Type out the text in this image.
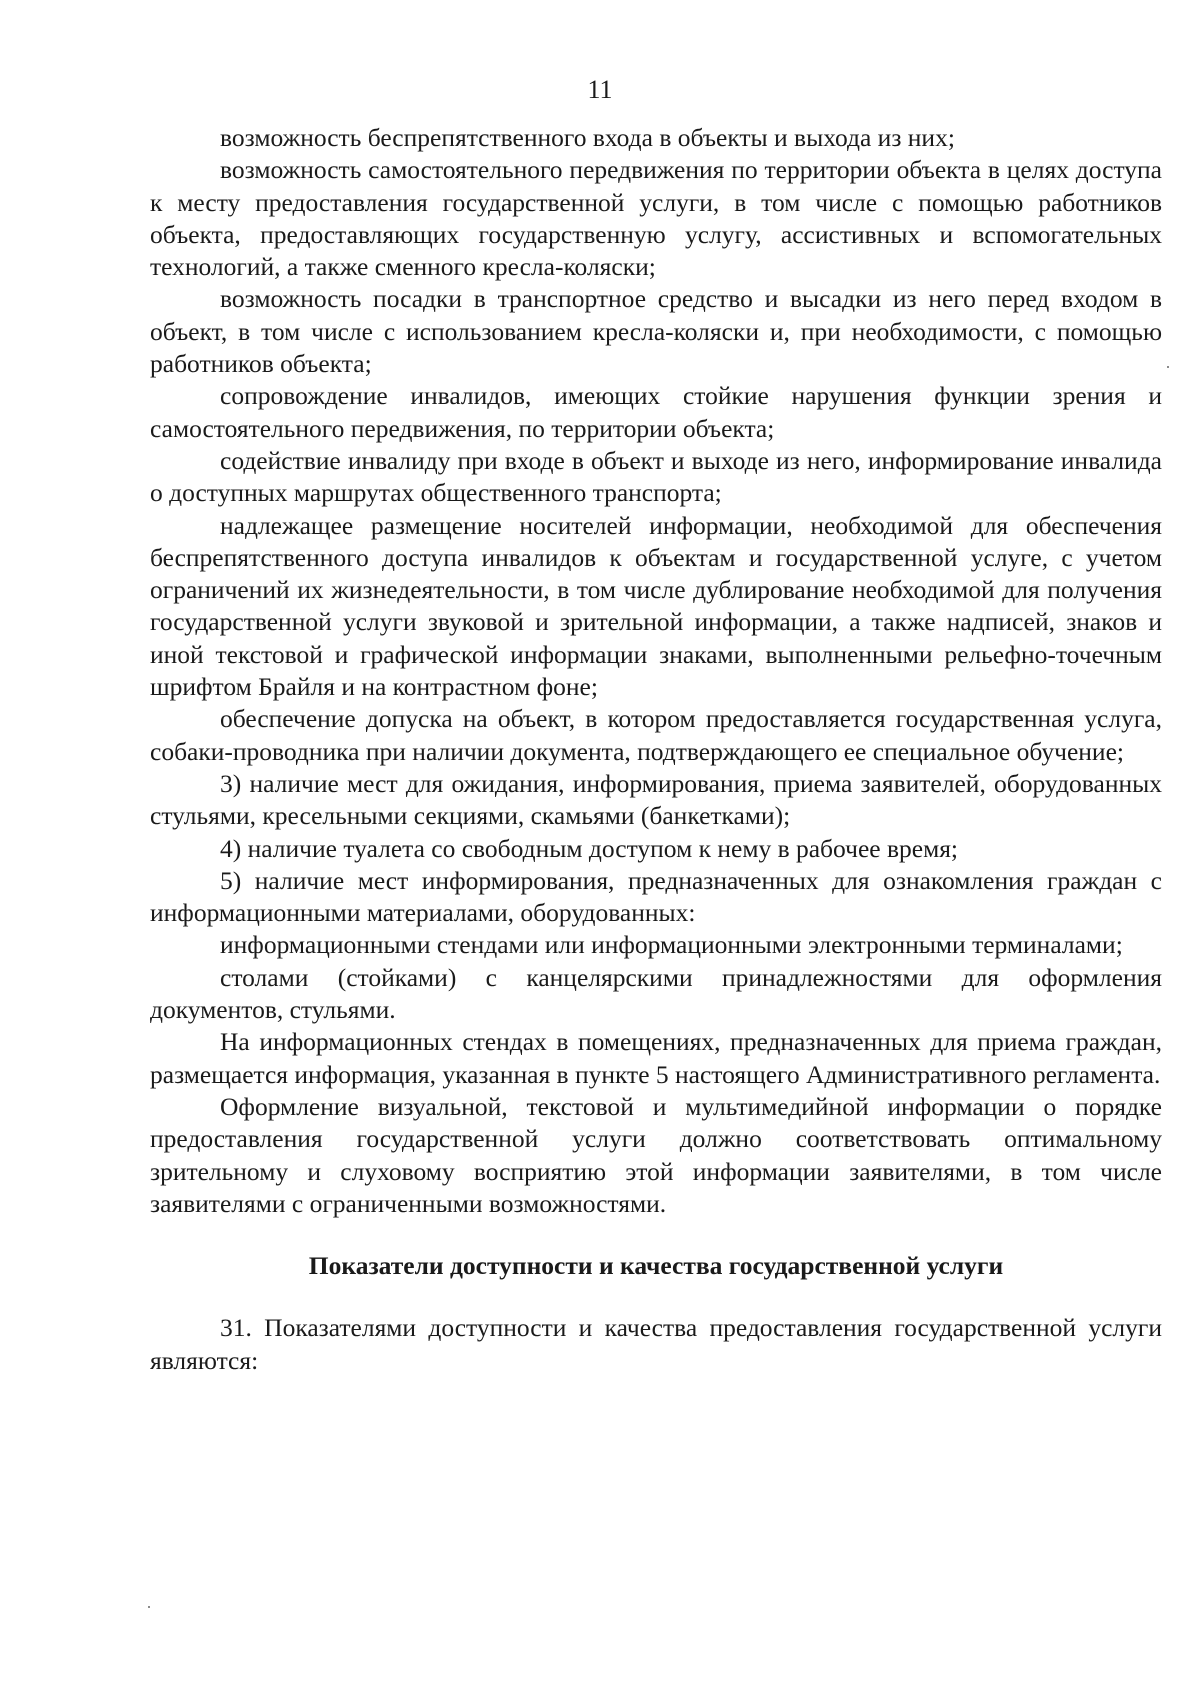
11

возможность беспрепятственного входа в объекты и выхода из них;

возможность самостоятельного передвижения по территории объекта в целях доступа к месту предоставления государственной услуги, в том числе с помощью работников объекта, предоставляющих государственную услугу, ассистивных и вспомогательных технологий, а также сменного кресла-коляски;

возможность посадки в транспортное средство и высадки из него перед входом в объект, в том числе с использованием кресла-коляски и, при необходимости, с помощью работников объекта;

сопровождение инвалидов, имеющих стойкие нарушения функции зрения и самостоятельного передвижения, по территории объекта;

содействие инвалиду при входе в объект и выходе из него, информирование инвалида о доступных маршрутах общественного транспорта;

надлежащее размещение носителей информации, необходимой для обеспечения беспрепятственного доступа инвалидов к объектам и государственной услуге, с учетом ограничений их жизнедеятельности, в том числе дублирование необходимой для получения государственной услуги звуковой и зрительной информации, а также надписей, знаков и иной текстовой и графической информации знаками, выполненными рельефно-точечным шрифтом Брайля и на контрастном фоне;

обеспечение допуска на объект, в котором предоставляется государственная услуга, собаки-проводника при наличии документа, подтверждающего ее специальное обучение;

3) наличие мест для ожидания, информирования, приема заявителей, оборудованных стульями, кресельными секциями, скамьями (банкетками);

4) наличие туалета со свободным доступом к нему в рабочее время;

5) наличие мест информирования, предназначенных для ознакомления граждан с информационными материалами, оборудованных:

информационными стендами или информационными электронными терминалами;

столами (стойками) с канцелярскими принадлежностями для оформления документов, стульями.

На информационных стендах в помещениях, предназначенных для приема граждан, размещается информация, указанная в пункте 5 настоящего Административного регламента.

Оформление визуальной, текстовой и мультимедийной информации о порядке предоставления государственной услуги должно соответствовать оптимальному зрительному и слуховому восприятию этой информации заявителями, в том числе заявителями с ограниченными возможностями.

Показатели доступности и качества государственной услуги

31. Показателями доступности и качества предоставления государственной услуги являются:
